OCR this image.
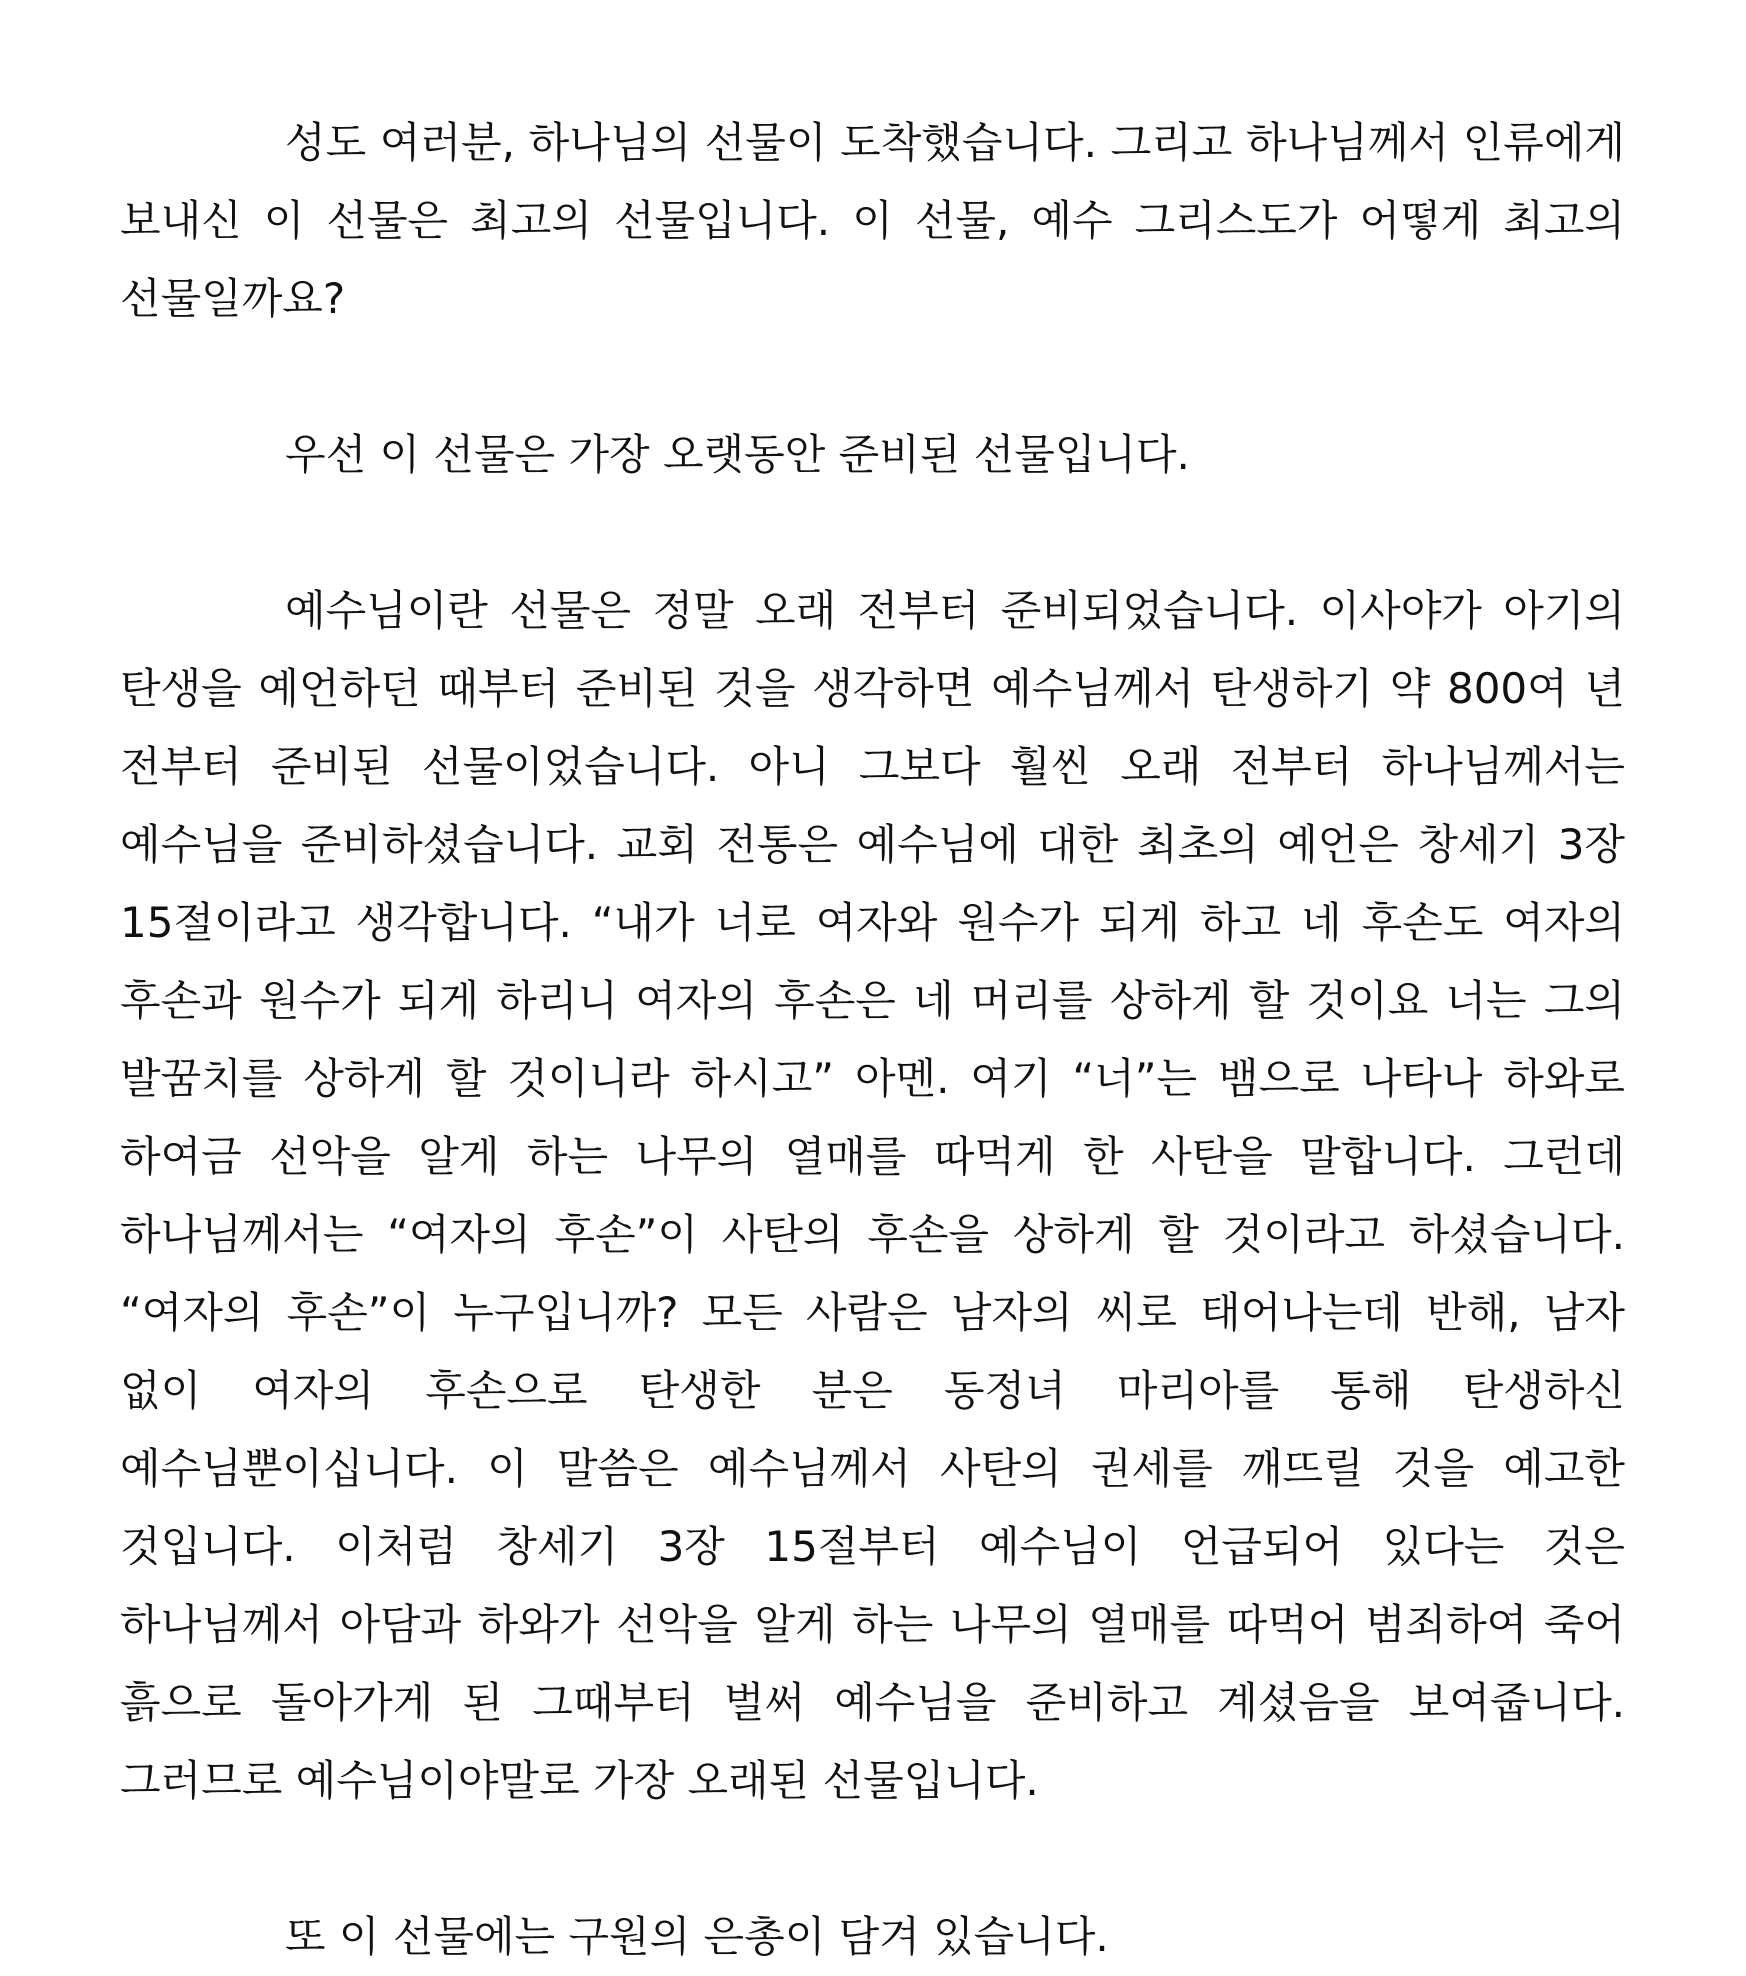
성도 여러분, 하나님의 선물이 도착했습니다. 그리고 하나님께서 인류에게 보내신 이 선물은 최고의 선물입니다. 이 선물, 예수 그리스도가 어떻게 최고의 선물일까요?

우선 이 선물은 가장 오랫동안 준비된 선물입니다.

예수님이란 선물은 정말 오래 전부터 준비되었습니다. 이사야가 아기의 탄생을 예언하던 때부터 준비된 것을 생각하면 예수님께서 탄생하기 약 800여 년 전부터 준비된 선물이었습니다. 아니 그보다 훨씬 오래 전부터 하나님께서는 예수님을 준비하셨습니다. 교회 전통은 예수님에 대한 최초의 예언은 창세기 3장 15절이라고 생각합니다. “내가 너로 여자와 원수가 되게 하고 네 후손도 여자의 후손과 원수가 되게 하리니 여자의 후손은 네 머리를 상하게 할 것이요 너는 그의 발꿈치를 상하게 할 것이니라 하시고” 아멘. 여기 “너”는 뱀으로 나타나 하와로 하여금 선악을 알게 하는 나무의 열매를 따먹게 한 사탄을 말합니다. 그런데 하나님께서는 “여자의 후손”이 사탄의 후손을 상하게 할 것이라고 하셨습니다. “여자의 후손”이 누구입니까? 모든 사람은 남자의 씨로 태어나는데 반해, 남자 없이 여자의 후손으로 탄생한 분은 동정녀 마리아를 통해 탄생하신 예수님뿐이십니다. 이 말씀은 예수님께서 사탄의 권세를 깨뜨릴 것을 예고한 것입니다. 이처럼 창세기 3장 15절부터 예수님이 언급되어 있다는 것은 하나님께서 아담과 하와가 선악을 알게 하는 나무의 열매를 따먹어 범죄하여 죽어 흙으로 돌아가게 된 그때부터 벌써 예수님을 준비하고 계셨음을 보여줍니다. 그러므로 예수님이야말로 가장 오래된 선물입니다.

또 이 선물에는 구원의 은총이 담겨 있습니다.
